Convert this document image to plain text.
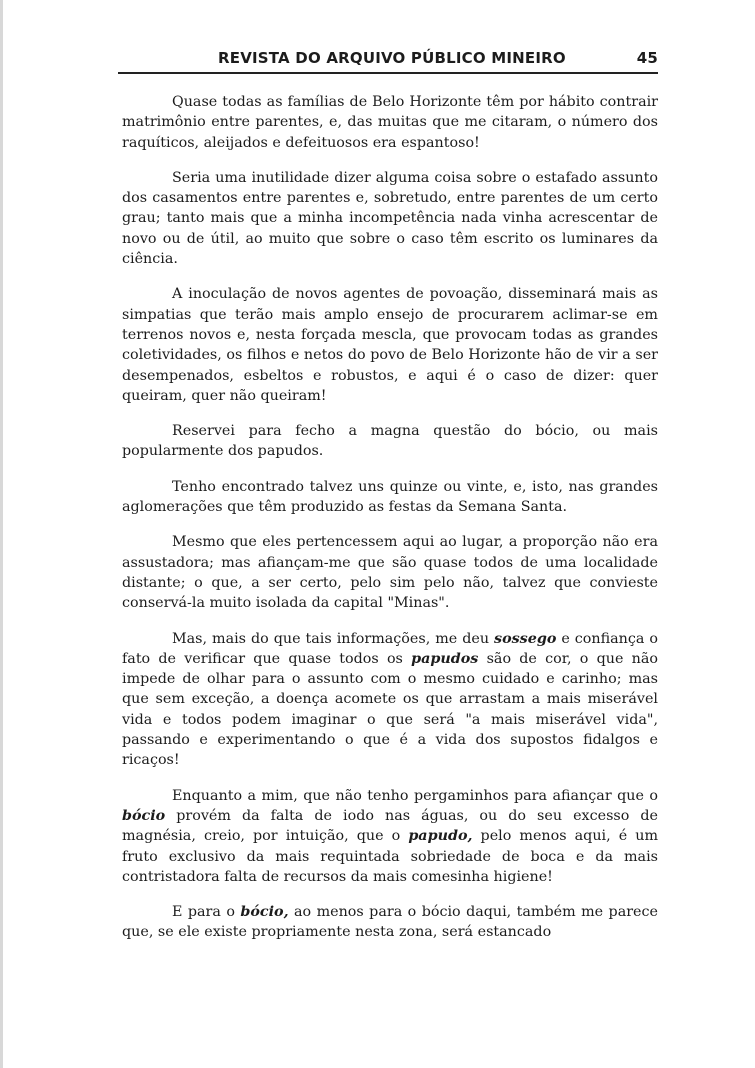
REVISTA DO ARQUIVO PÚBLICO MINEIRO	45

Quase todas as famílias de Belo Horizonte têm por hábito contrair matrimônio entre parentes, e, das muitas que me citaram, o número dos raquíticos, aleijados e defeituosos era espantoso!

Seria uma inutilidade dizer alguma coisa sobre o estafado assunto dos casamentos entre parentes e, sobretudo, entre parentes de um certo grau; tanto mais que a minha incompetência nada vinha acrescentar de novo ou de útil, ao muito que sobre o caso têm escrito os luminares da ciência.

A inoculação de novos agentes de povoação, disseminará mais as simpatias que terão mais amplo ensejo de procurarem aclimar-se em terrenos novos e, nesta forçada mescla, que provocam todas as grandes coletividades, os filhos e netos do povo de Belo Horizonte hão de vir a ser desempenados, esbeltos e robustos, e aqui é o caso de dizer: quer queiram, quer não queiram!

Reservei para fecho a magna questão do bócio, ou mais popularmente dos papudos.

Tenho encontrado talvez uns quinze ou vinte, e, isto, nas grandes aglomerações que têm produzido as festas da Semana Santa.

Mesmo que eles pertencessem aqui ao lugar, a proporção não era assustadora; mas afiançam-me que são quase todos de uma localidade distante; o que, a ser certo, pelo sim pelo não, talvez que convieste conservá-la muito isolada da capital "Minas".

Mas, mais do que tais informações, me deu sossego e confiança o fato de verificar que quase todos os papudos são de cor, o que não impede de olhar para o assunto com o mesmo cuidado e carinho; mas que sem exceção, a doença acomete os que arrastam a mais miserável vida e todos podem imaginar o que será "a mais miserável vida", passando e experimentando o que é a vida dos supostos fidalgos e ricaços!

Enquanto a mim, que não tenho pergaminhos para afiançar que o bócio provém da falta de iodo nas águas, ou do seu excesso de magnésia, creio, por intuição, que o papudo, pelo menos aqui, é um fruto exclusivo da mais requintada sobriedade de boca e da mais contristadora falta de recursos da mais comesinha higiene!

E para o bócio, ao menos para o bócio daqui, também me parece que, se ele existe propriamente nesta zona, será estancado
